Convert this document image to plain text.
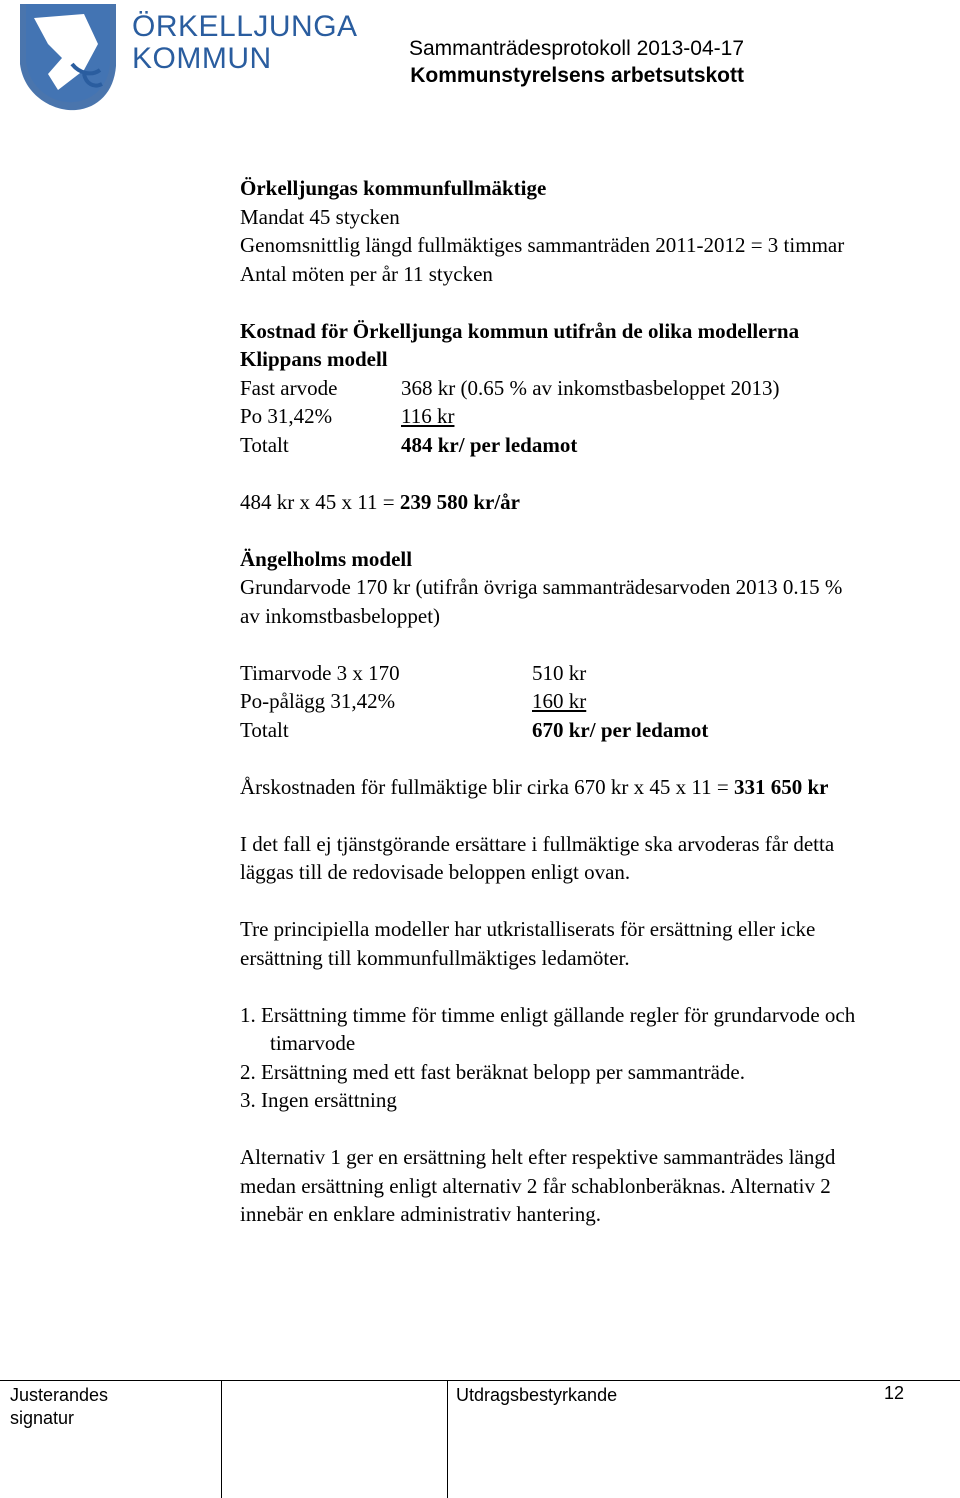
ÖRKELLJUNGA
KOMMUN	Sammanträdesprotokoll 2013-04-17
Kommunstyrelsens arbetsutskott

Örkelljungas kommunfullmäktige

Mandat 45 stycken

Genomsnittlig längd fullmäktiges sammanträden 2011-2012 = 3 timmar

Antal möten per år 11 stycken

Kostnad för Örkelljunga kommun utifrån de olika modellerna

Klippans modell

Fast arvode	368 kr (0.65 % av inkomstbasbeloppet 2013)
Po 31,42%	116 kr
Totalt	484 kr/ per ledamot

484 kr x 45 x 11 = 239 580 kr/år

Ängelholms modell

Grundarvode 170 kr (utifrån övriga sammanträdesarvoden 2013 0.15 %

av inkomstbasbeloppet)

Timarvode 3 x 170	510 kr
Po-pålägg 31,42%	160 kr
Totalt	670 kr/ per ledamot

Årskostnaden för fullmäktige blir cirka 670 kr x 45 x 11 = 331 650 kr

I det fall ej tjänstgörande ersättare i fullmäktige ska arvoderas får detta

läggas till de redovisade beloppen enligt ovan.

Tre principiella modeller har utkristalliserats för ersättning eller icke

ersättning till kommunfullmäktiges ledamöter.

1. Ersättning timme för timme enligt gällande regler för grundarvode och

timarvode

2. Ersättning med ett fast beräknat belopp per sammanträde.

3. Ingen ersättning

Alternativ 1 ger en ersättning helt efter respektive sammanträdes längd

medan ersättning enligt alternativ 2 får schablonberäknas. Alternativ 2

innebär en enklare administrativ hantering.

Justerandes
signatur
Utdragsbestyrkande	12
